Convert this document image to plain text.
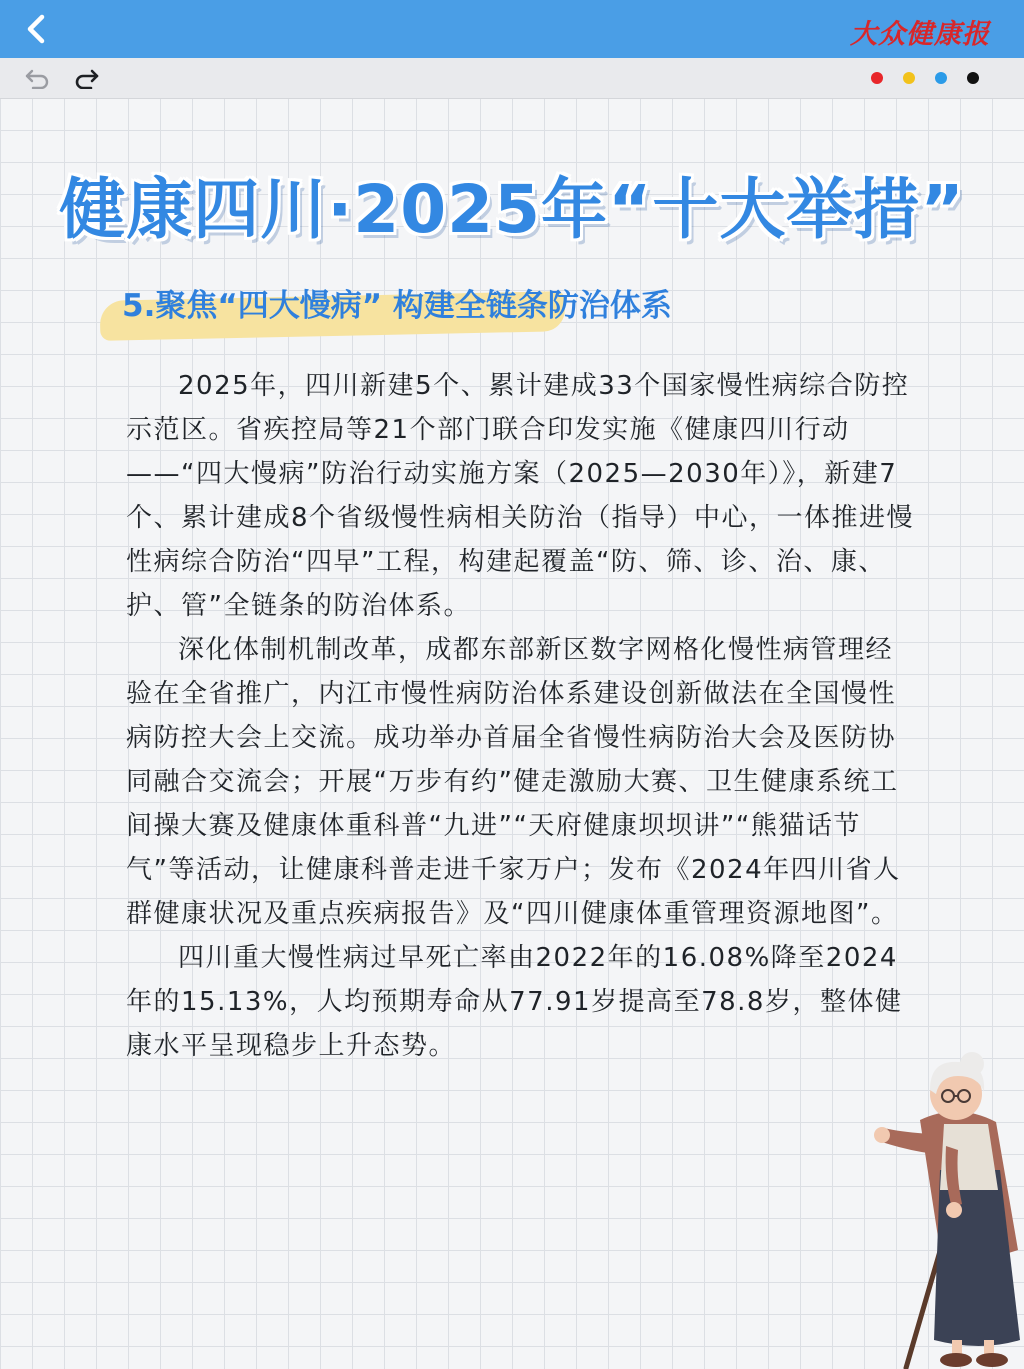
大众健康报
健康四川·2025年“十大举措”
5.聚焦“四大慢病” 构建全链条防治体系

2025年，四川新建5个、累计建成33个国家慢性病综合防控示范区。省疾控局等21个部门联合印发实施《健康四川行动——“四大慢病”防治行动实施方案（2025—2030年）》，新建7个、累计建成8个省级慢性病相关防治（指导）中心，一体推进慢性病综合防治“四早”工程，构建起覆盖“防、筛、诊、治、康、护、管”全链条的防治体系。

深化体制机制改革，成都东部新区数字网格化慢性病管理经验在全省推广，内江市慢性病防治体系建设创新做法在全国慢性病防控大会上交流。成功举办首届全省慢性病防治大会及医防协同融合交流会；开展“万步有约”健走激励大赛、卫生健康系统工间操大赛及健康体重科普“九进”“天府健康坝坝讲”“熊猫话节气”等活动，让健康科普走进千家万户；发布《2024年四川省人群健康状况及重点疾病报告》及“四川健康体重管理资源地图”。

四川重大慢性病过早死亡率由2022年的16.08%降至2024年的15.13%，人均预期寿命从77.91岁提高至78.8岁，整体健康水平呈现稳步上升态势。
